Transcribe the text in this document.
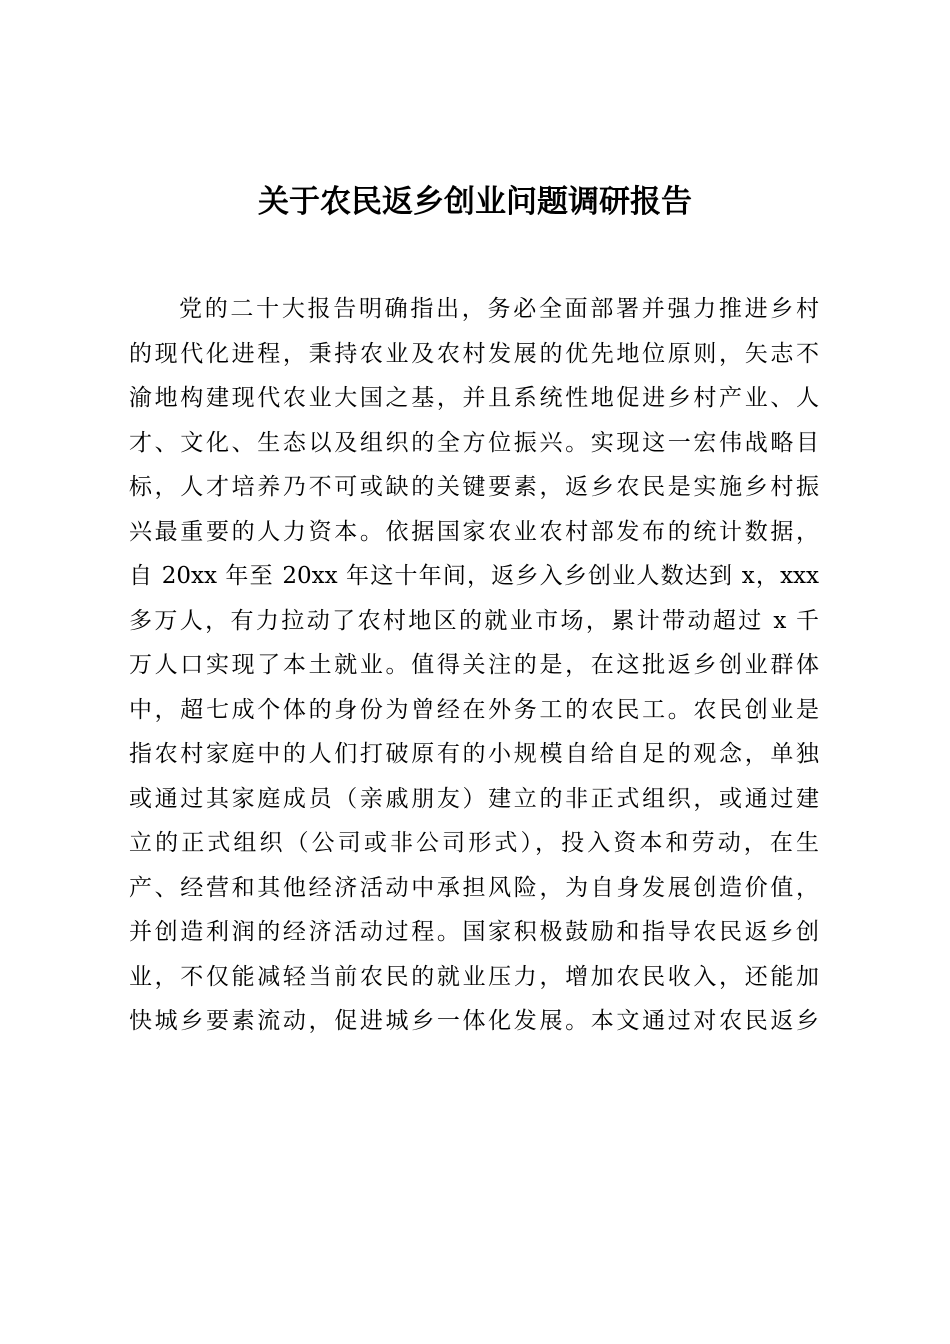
关于农民返乡创业问题调研报告
党的二十大报告明确指出，务必全面部署并强力推进乡村
的现代化进程，秉持农业及农村发展的优先地位原则，矢志不
渝地构建现代农业大国之基，并且系统性地促进乡村产业、人
才、文化、生态以及组织的全方位振兴。实现这一宏伟战略目
标，人才培养乃不可或缺的关键要素，返乡农民是实施乡村振
兴最重要的人力资本。依据国家农业农村部发布的统计数据，
自 20xx 年至 20xx 年这十年间，返乡入乡创业人数达到 x，xxx
多万人，有力拉动了农村地区的就业市场，累计带动超过 x 千
万人口实现了本土就业。值得关注的是，在这批返乡创业群体
中，超七成个体的身份为曾经在外务工的农民工。农民创业是
指农村家庭中的人们打破原有的小规模自给自足的观念，单独
或通过其家庭成员（亲戚朋友）建立的非正式组织，或通过建
立的正式组织（公司或非公司形式），投入资本和劳动，在生
产、经营和其他经济活动中承担风险，为自身发展创造价值，
并创造利润的经济活动过程。国家积极鼓励和指导农民返乡创
业，不仅能减轻当前农民的就业压力，增加农民收入，还能加
快城乡要素流动，促进城乡一体化发展。本文通过对农民返乡
